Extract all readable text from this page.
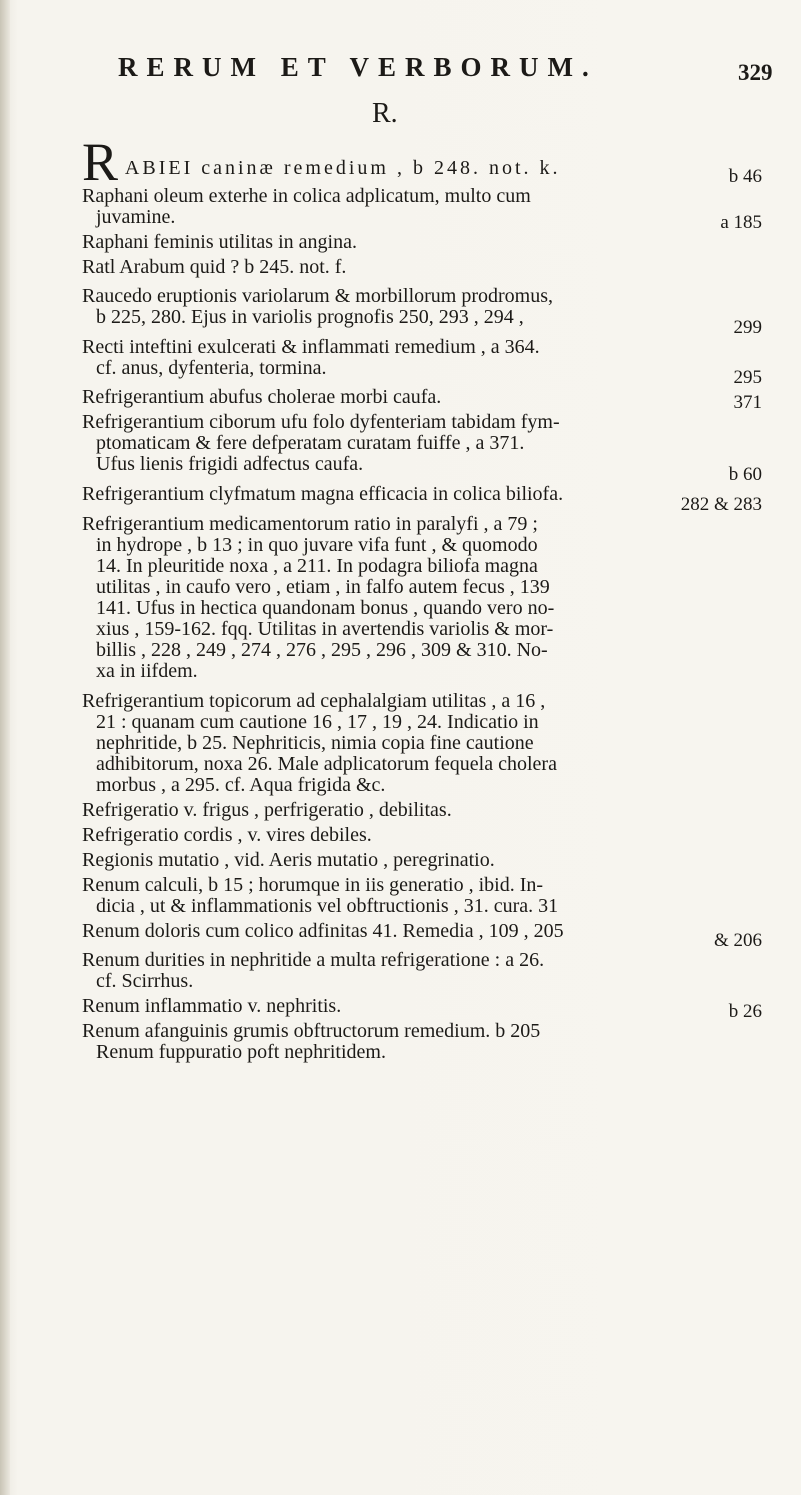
RERUM ET VERBORUM.	329
R.
R ABIEI caninæ remedium , b 248. not. k.
Raphani oleum exterhe in colica adplicatum, multo cum
juvamine.
b 46
Raphani feminis utilitas in angina.
a 185
Ratl Arabum quid ? b 245. not. f.
Raucedo eruptionis variolarum & morbillorum prodromus,
b 225, 280. Ejus in variolis prognofis 250, 293 , 294 ,
Recti inteftini exulcerati & inflammati remedium , a 364.
cf. anus, dyfenteria, tormina.
299
Refrigerantium abufus cholerae morbi caufa.
295
Refrigerantium ciborum ufu folo dyfenteriam tabidam fym-
ptomaticam & fere defperatam curatam fuiffe , a 371.
Ufus lienis frigidi adfectus caufa.
371
Refrigerantium clyfmatum magna efficacia in colica biliofa.
b 60
Refrigerantium medicamentorum ratio in paralyfi , a 79 ;
in hydrope , b 13 ; in quo juvare vifa funt , & quomodo
14. In pleuritide noxa , a 211. In podagra biliofa magna
utilitas , in caufo vero , etiam , in falfo autem fecus , 139
141. Ufus in hectica quandonam bonus , quando vero no-
xius , 159-162. fqq. Utilitas in avertendis variolis & mor-
billis , 228 , 249 , 274 , 276 , 295 , 296 , 309 & 310. No-
xa in iifdem.
282 & 283
Refrigerantium topicorum ad cephalalgiam utilitas , a 16 ,
21 : quanam cum cautione 16 , 17 , 19 , 24. Indicatio in
nephritide, b 25. Nephriticis, nimia copia fine cautione
adhibitorum, noxa 26. Male adplicatorum fequela cholera
morbus , a 295. cf. Aqua frigida &c.
Refrigeratio v. frigus , perfrigeratio , debilitas.
Refrigeratio cordis , v. vires debiles.
Regionis mutatio , vid. Aeris mutatio , peregrinatio.
Renum calculi, b 15 ; horumque in iis generatio , ibid. In-
dicia , ut & inflammationis vel obftructionis , 31. cura. 31
Renum doloris cum colico adfinitas 41. Remedia , 109 , 205
Renum durities in nephritide a multa refrigeratione : a 26.
cf. Scirrhus.
& 206
Renum inflammatio v. nephritis.
Renum afanguinis grumis obftructorum remedium. b 205
Renum fuppuratio poft nephritidem.
b 26
